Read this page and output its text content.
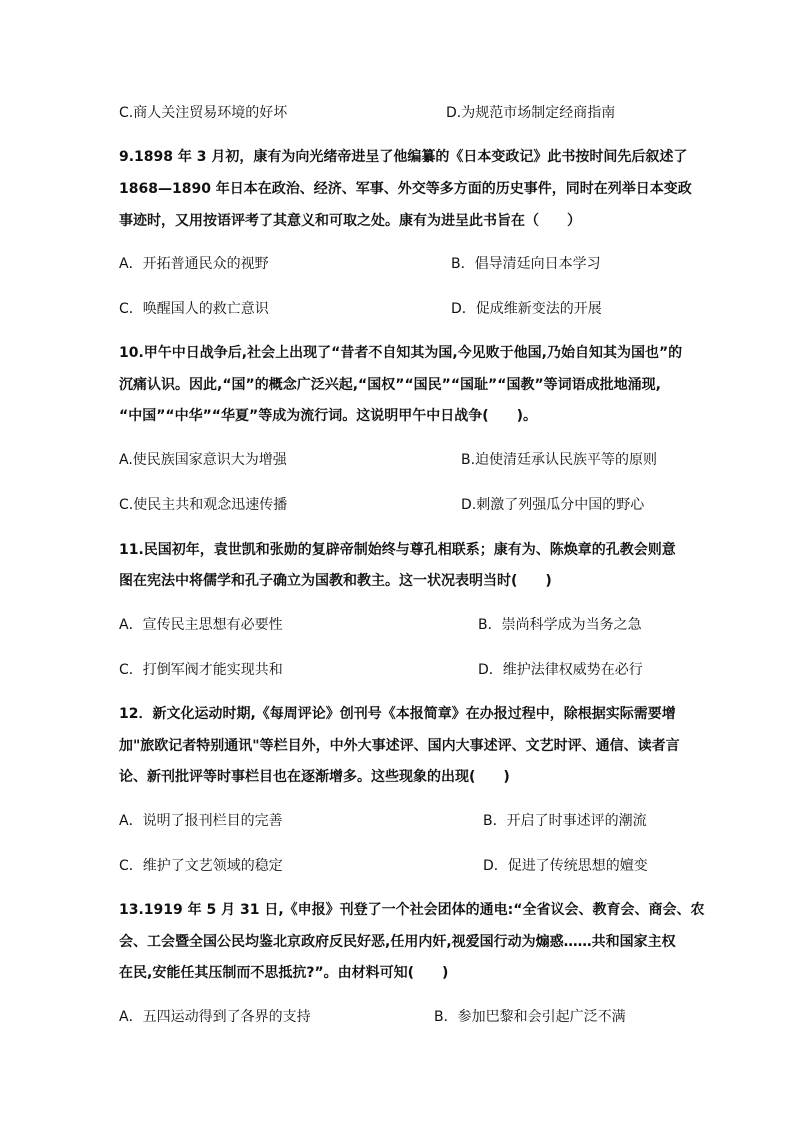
C.商人关注贸易环境的好坏	D.为规范市场制定经商指南
9.1898 年 3 月初，康有为向光绪帝进呈了他编纂的《日本变政记》此书按时间先后叙述了
1868—1890 年日本在政治、经济、军事、外交等多方面的历史事件，同时在列举日本变政
事迹时，又用按语评考了其意义和可取之处。康有为进呈此书旨在（　　）
A．开拓普通民众的视野	B．倡导清廷向日本学习
C．唤醒国人的救亡意识	D．促成维新变法的开展
10.甲午中日战争后,社会上出现了“昔者不自知其为国,今见败于他国,乃始自知其为国也”的
沉痛认识。因此,“国”的概念广泛兴起,“国权”“国民”“国耻”“国教”等词语成批地涌现,
“中国”“中华”“华夏”等成为流行词。这说明甲午中日战争(　　)。
A.使民族国家意识大为增强	B.迫使清廷承认民族平等的原则
C.使民主共和观念迅速传播	D.刺激了列强瓜分中国的野心
11.民国初年，袁世凯和张勋的复辟帝制始终与尊孔相联系；康有为、陈焕章的孔教会则意
图在宪法中将儒学和孔子确立为国教和教主。这一状况表明当时(　　)
A．宣传民主思想有必要性	B．崇尚科学成为当务之急
C．打倒军阀才能实现共和	D．维护法律权威势在必行
12．新文化运动时期,《每周评论》创刊号《本报简章》在办报过程中，除根据实际需要增
加"旅欧记者特别通讯"等栏目外，中外大事述评、国内大事述评、文艺时评、通信、读者言
论、新刊批评等时事栏目也在逐渐增多。这些现象的出现(　　)
A．说明了报刊栏目的完善	B．开启了时事述评的潮流
C．维护了文艺领域的稳定	D．促进了传统思想的嬗变
13.1919 年 5 月 31 日,《申报》刊登了一个社会团体的通电:“全省议会、教育会、商会、农
会、工会暨全国公民均鉴北京政府反民好恶,任用内奸,视爱国行动为煽惑……共和国家主权
在民,安能任其压制而不思抵抗?”。由材料可知(　　)
A．五四运动得到了各界的支持	B．参加巴黎和会引起广泛不满
